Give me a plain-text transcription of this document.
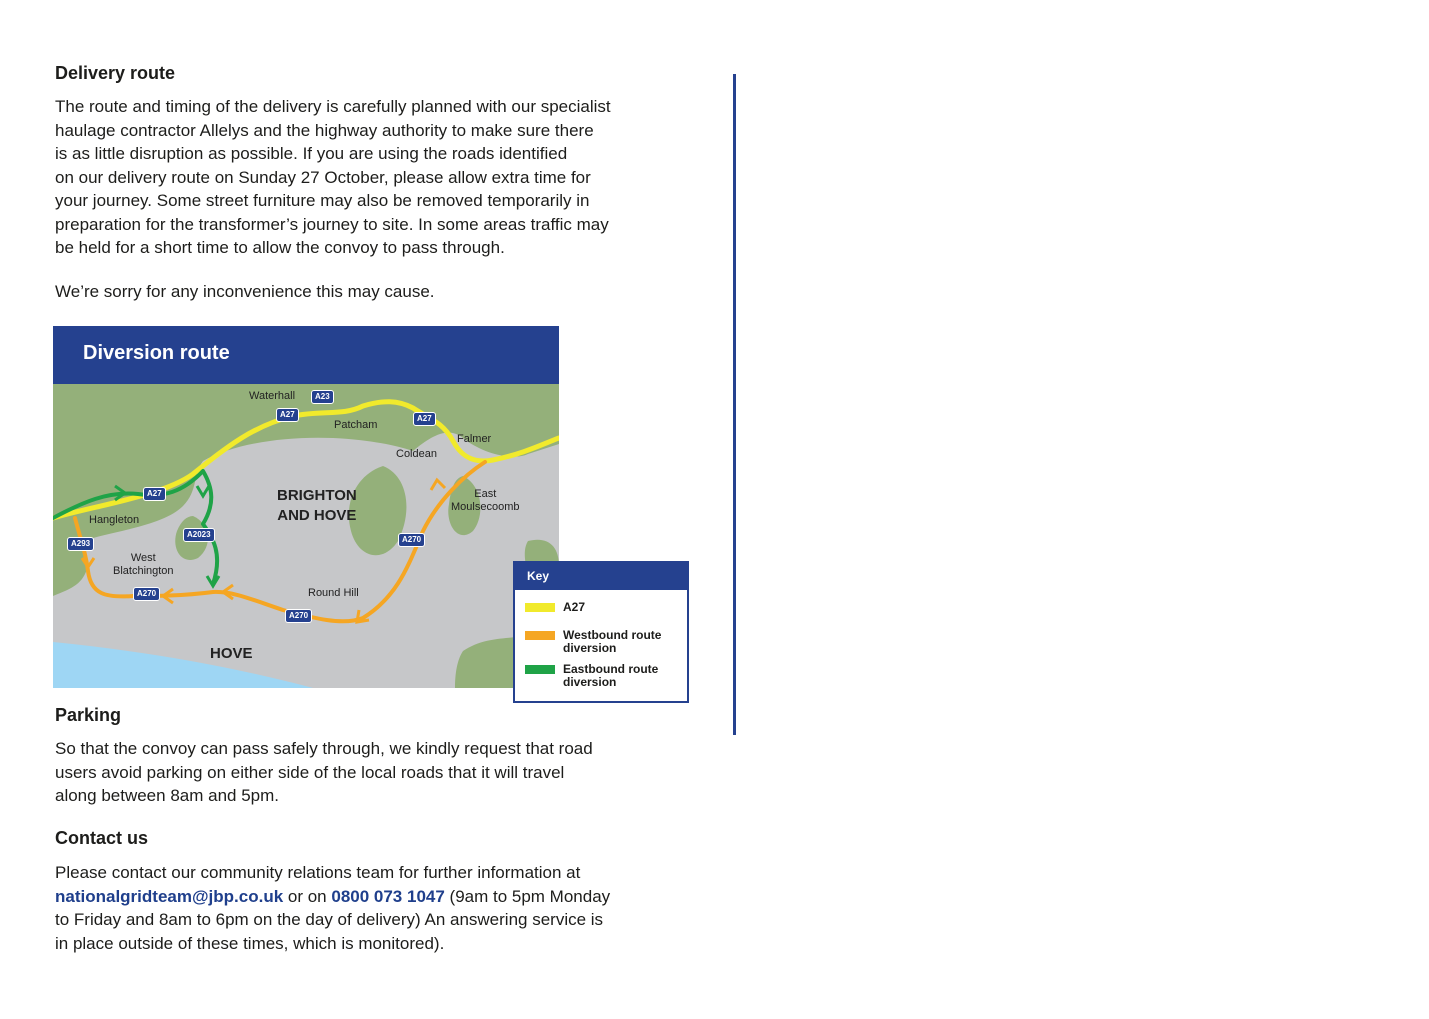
Delivery route

The route and timing of the delivery is carefully planned with our specialist
haulage contractor Allelys and the highway authority to make sure there
is as little disruption as possible. If you are using the roads identified
on our delivery route on Sunday 27 October, please allow extra time for
your journey. Some street furniture may also be removed temporarily in
preparation for the transformer’s journey to site. In some areas traffic may
be held for a short time to allow the convoy to pass through.

We’re sorry for any inconvenience this may cause.

Diversion route
Waterhall
Patcham
Falmer
Coldean
East
Moulsecoomb
Hangleton
West
Blatchington
Round Hill
BRIGHTON
AND HOVE
HOVE
A23
A27	A27
A27
A2023
A293	A270
A270
A270
Key
A27
Westbound route diversion
Eastbound route diversion
Parking

So that the convoy can pass safely through, we kindly request that road
users avoid parking on either side of the local roads that it will travel
along between 8am and 5pm.

Contact us

Please contact our community relations team for further information at
nationalgridteam@jbp.co.uk or on 0800 073 1047 (9am to 5pm Monday
to Friday and 8am to 6pm on the day of delivery) An answering service is
in place outside of these times, which is monitored).
